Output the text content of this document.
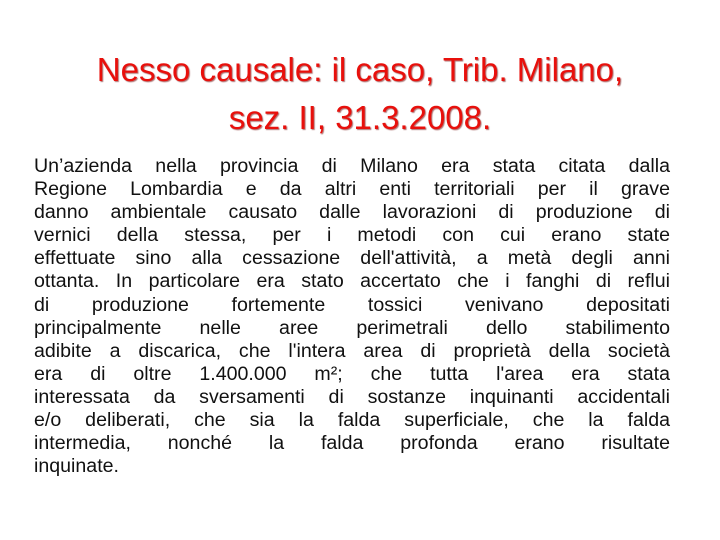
Nesso causale: il caso, Trib. Milano,
sez. II, 31.3.2008.
Un’azienda nella provincia di Milano era stata citata dalla
Regione Lombardia e da altri enti territoriali per il grave
danno ambientale causato dalle lavorazioni di produzione di
vernici della stessa, per i metodi con cui erano state
effettuate sino alla cessazione dell'attività, a metà degli anni
ottanta. In particolare era stato accertato che i fanghi di reflui
di produzione fortemente tossici venivano depositati
principalmente nelle aree perimetrali dello stabilimento
adibite a discarica, che l'intera area di proprietà della società
era di oltre 1.400.000 m²; che tutta l'area era stata
interessata da sversamenti di sostanze inquinanti accidentali
e/o deliberati, che sia la falda superficiale, che la falda
intermedia, nonché la falda profonda erano risultate
inquinate.
